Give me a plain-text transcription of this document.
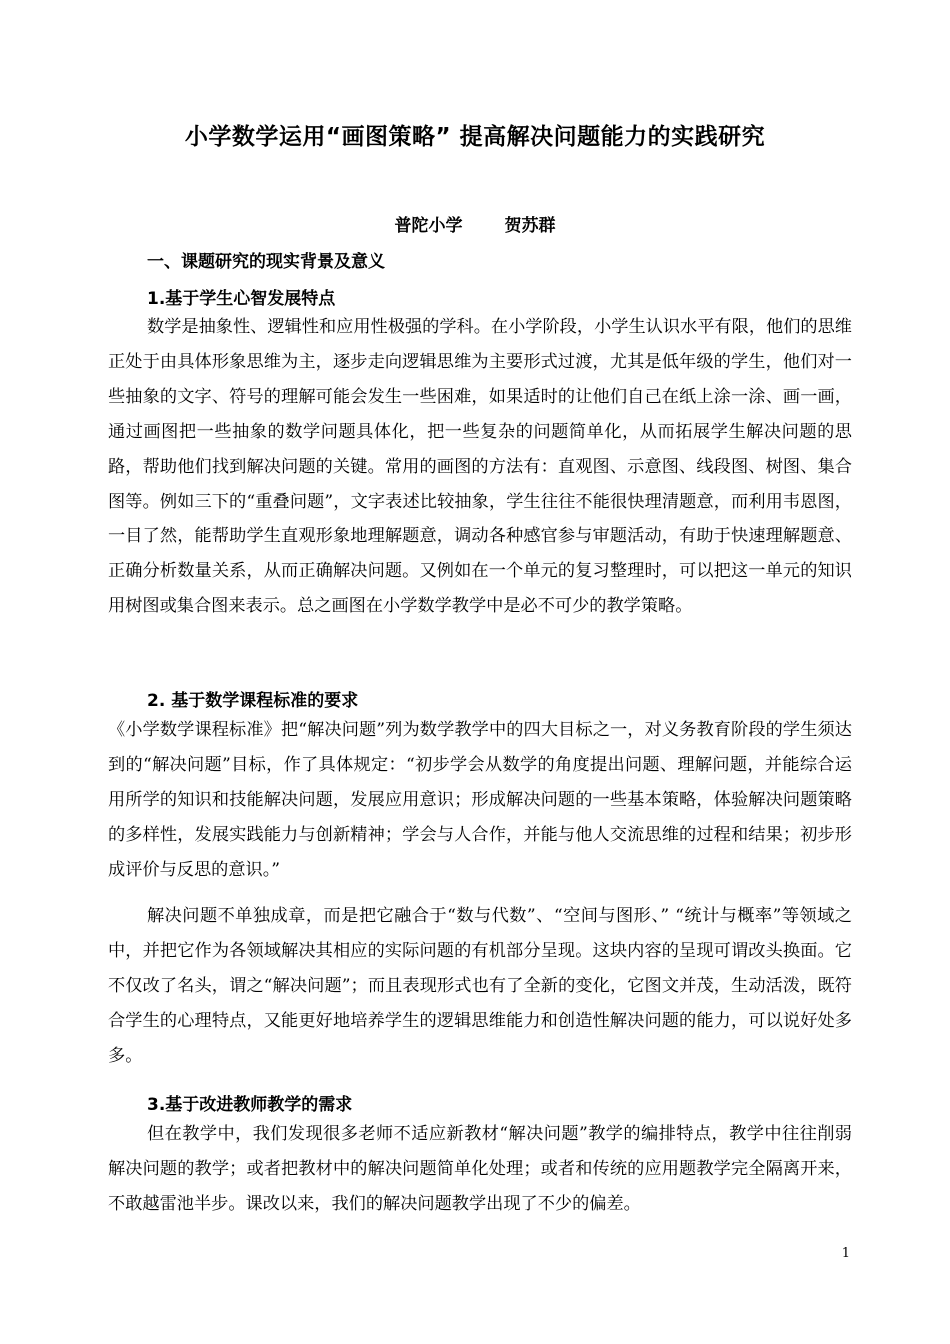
小学数学运用“画图策略” 提高解决问题能力的实践研究
普陀小学 贺苏群
一、课题研究的现实背景及意义
1.基于学生心智发展特点
数学是抽象性、逻辑性和应用性极强的学科。在小学阶段，小学生认识水平有限，他们的思维正处于由具体形象思维为主，逐步走向逻辑思维为主要形式过渡，尤其是低年级的学生，他们对一些抽象的文字、符号的理解可能会发生一些困难，如果适时的让他们自己在纸上涂一涂、画一画，通过画图把一些抽象的数学问题具体化，把一些复杂的问题简单化，从而拓展学生解决问题的思路，帮助他们找到解决问题的关键。常用的画图的方法有：直观图、示意图、线段图、树图、集合图等。例如三下的“重叠问题”，文字表述比较抽象，学生往往不能很快理清题意，而利用韦恩图，一目了然，能帮助学生直观形象地理解题意，调动各种感官参与审题活动，有助于快速理解题意、正确分析数量关系，从而正确解决问题。又例如在一个单元的复习整理时，可以把这一单元的知识用树图或集合图来表示。总之画图在小学数学教学中是必不可少的教学策略。
2. 基于数学课程标准的要求
《小学数学课程标准》把“解决问题”列为数学教学中的四大目标之一，对义务教育阶段的学生须达到的“解决问题”目标，作了具体规定：“初步学会从数学的角度提出问题、理解问题，并能综合运用所学的知识和技能解决问题，发展应用意识；形成解决问题的一些基本策略，体验解决问题策略的多样性，发展实践能力与创新精神；学会与人合作，并能与他人交流思维的过程和结果；初步形成评价与反思的意识。”
解决问题不单独成章，而是把它融合于“数与代数”、“空间与图形、” “统计与概率”等领域之中，并把它作为各领域解决其相应的实际问题的有机部分呈现。这块内容的呈现可谓改头换面。它不仅改了名头，谓之“解决问题”；而且表现形式也有了全新的变化，它图文并茂，生动活泼，既符合学生的心理特点，又能更好地培养学生的逻辑思维能力和创造性解决问题的能力，可以说好处多多。
3.基于改进教师教学的需求
但在教学中，我们发现很多老师不适应新教材“解决问题”教学的编排特点，教学中往往削弱解决问题的教学；或者把教材中的解决问题简单化处理；或者和传统的应用题教学完全隔离开来，不敢越雷池半步。课改以来，我们的解决问题教学出现了不少的偏差。
1
